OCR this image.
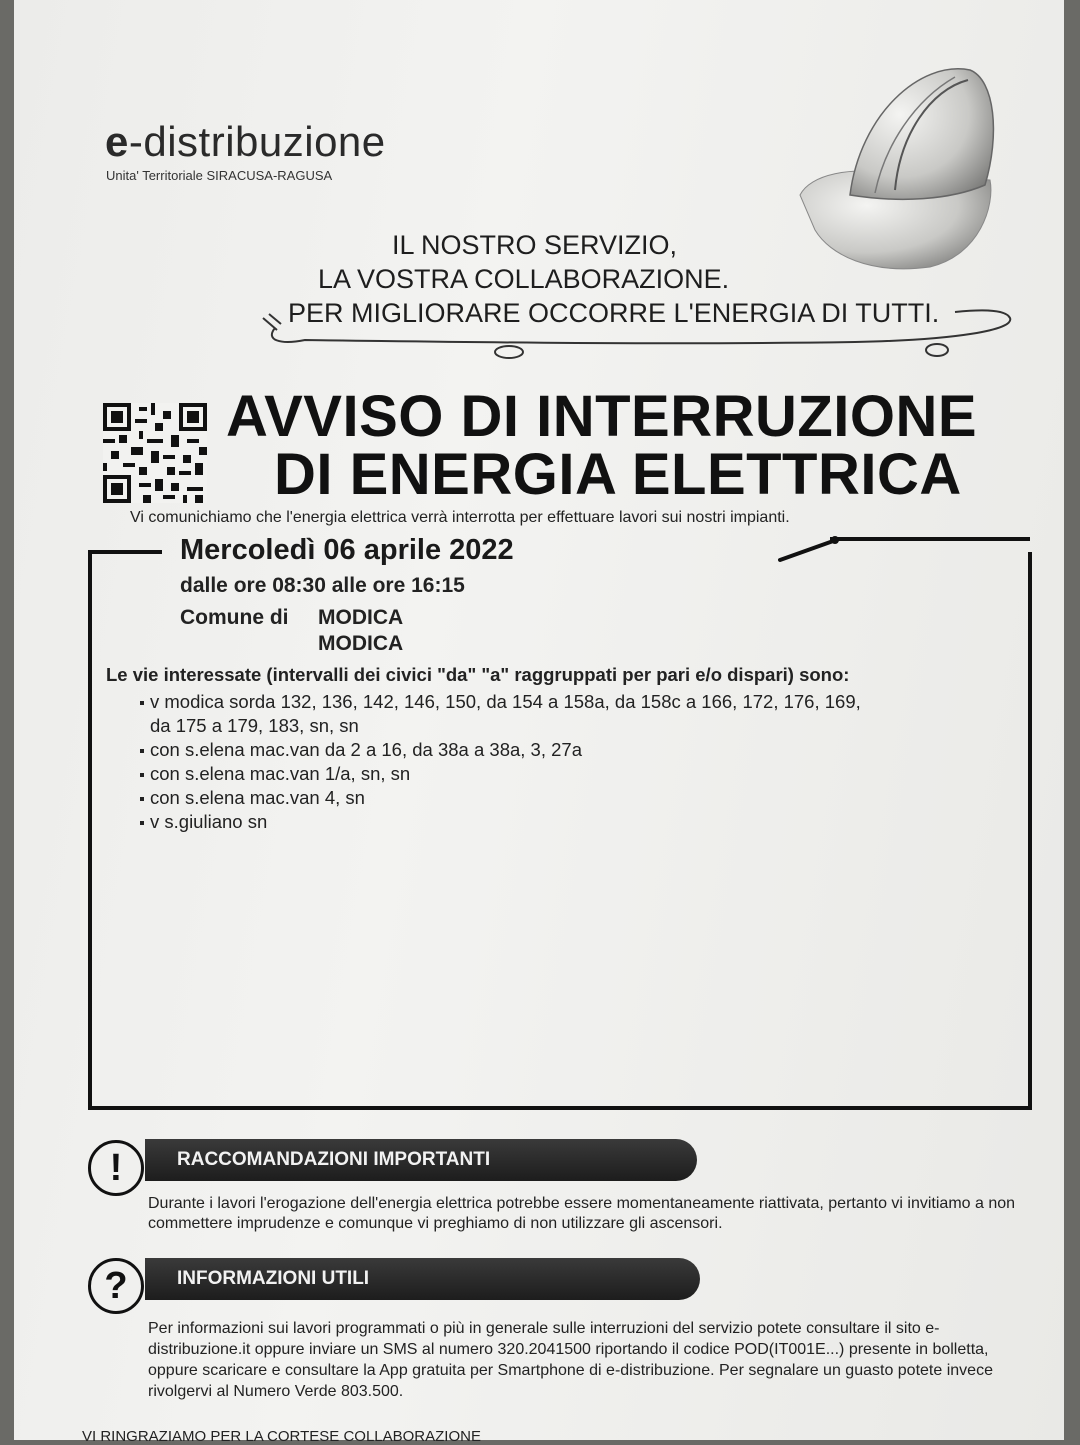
e-distribuzione
Unita' Territoriale SIRACUSA-RAGUSA
IL NOSTRO SERVIZIO,
LA VOSTRA COLLABORAZIONE.
PER MIGLIORARE OCCORRE L'ENERGIA DI TUTTI.
AVVISO DI INTERRUZIONE
DI ENERGIA ELETTRICA
Vi comunichiamo che l'energia elettrica verrà interrotta per effettuare lavori sui nostri impianti.
Mercoledì 06 aprile 2022
dalle ore 08:30 alle ore 16:15
Comune di MODICA
MODICA
Le vie interessate (intervalli dei civici "da" "a" raggruppati per pari e/o dispari) sono:
v modica sorda 132, 136, 142, 146, 150, da 154 a 158a, da 158c a 166, 172, 176, 169,
da 175 a 179, 183, sn, sn
con s.elena mac.van da 2 a 16, da 38a a 38a, 3, 27a
con s.elena mac.van 1/a, sn, sn
con s.elena mac.van 4, sn
v s.giuliano sn
RACCOMANDAZIONI IMPORTANTI
!
Durante i lavori l'erogazione dell'energia elettrica potrebbe essere momentaneamente riattivata, pertanto vi invitiamo a non commettere imprudenze e comunque vi preghiamo di non utilizzare gli ascensori.
INFORMAZIONI UTILI
?
Per informazioni sui lavori programmati o più in generale sulle interruzioni del servizio potete consultare il sito e-distribuzione.it oppure inviare un SMS al numero 320.2041500 riportando il codice POD(IT001E...) presente in bolletta, oppure scaricare e consultare la App gratuita per Smartphone di e-distribuzione. Per segnalare un guasto potete invece rivolgervi al Numero Verde 803.500.
VI RINGRAZIAMO PER LA CORTESE COLLABORAZIONE
